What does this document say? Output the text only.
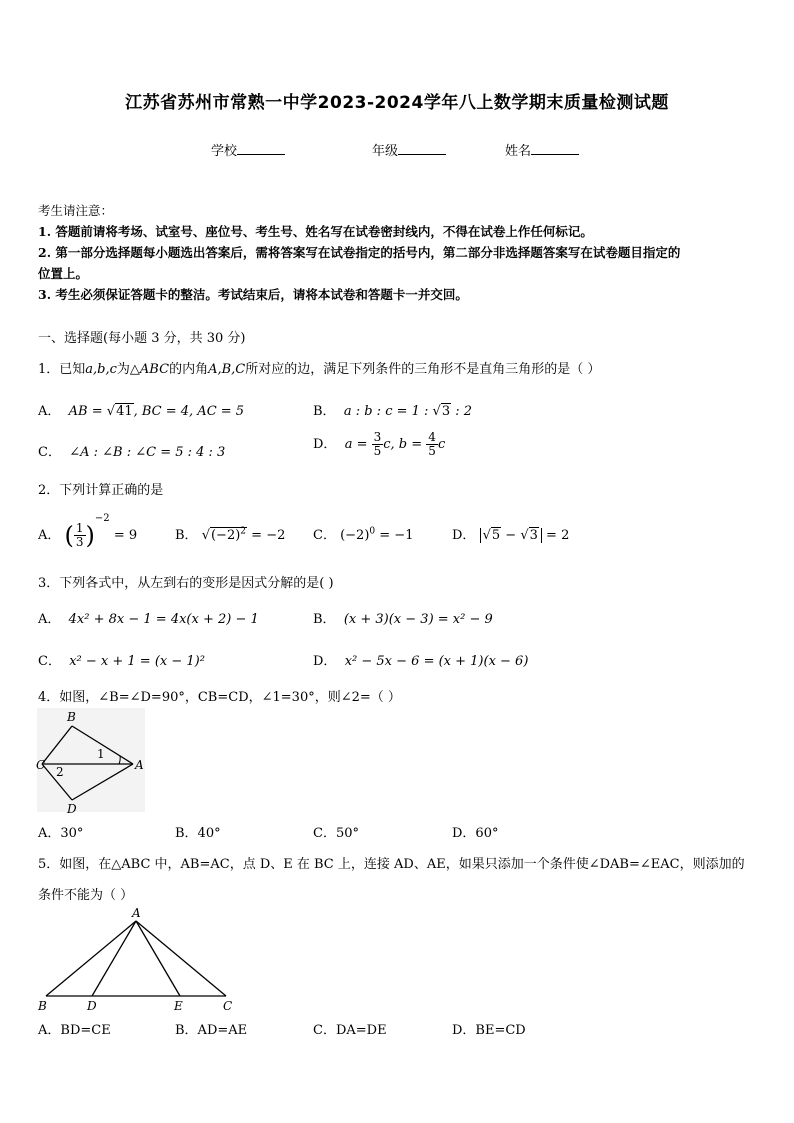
江苏省苏州市常熟一中学2023-2024学年八上数学期末质量检测试题
学校	年级	姓名
考生请注意：
1. 答题前请将考场、试室号、座位号、考生号、姓名写在试卷密封线内，不得在试卷上作任何标记。
2. 第一部分选择题每小题选出答案后，需将答案写在试卷指定的括号内，第二部分非选择题答案写在试卷题目指定的
位置上。
3. 考生必须保证答题卡的整洁。考试结束后，请将本试卷和答题卡一并交回。
一、选择题(每小题 3 分，共 30 分)
1．已知a,b,c为△ABC的内角A,B,C所对应的边，满足下列条件的三角形不是直角三角形的是（ ）
A． AB = √41, BC = 4, AC = 5	B． a : b : c = 1 : √3 : 2
C． ∠A : ∠B : ∠C = 5 : 4 : 3
D． $a = \frac{3}{5} c$, $b = \frac{4}{5}$ c
2．下列计算正确的是
A． ( $\frac{1}{3} )^{-2} = 9$	B． $√(-2)^2 = -2$ C． $(-2)^0 = -1$	D． √5 − √3 = 2
3．下列各式中，从左到右的变形是因式分解的是( )
A． 4x² + 8x − 1 = 4x(x + 2) − 1	B． (x + 3)(x − 3) = x² − 9
C． x² − x + 1 = (x − 1)²	D． x² − 5x − 6 = (x + 1)(x − 6)
4．如图，∠B=∠D=90°，CB=CD，∠1=30°，则∠2=（ ）
B
C	A
D
1
2
A．30°	B．40°	C．50°	D．60°
5．如图，在△ABC 中，AB=AC，点 D、E 在 BC 上，连接 AD、AE，如果只添加一个条件使∠DAB=∠EAC，则添加的
条件不能为（ ）
A
B	D	E	C
A．BD=CE	B．AD=AE	C．DA=DE	D．BE=CD
